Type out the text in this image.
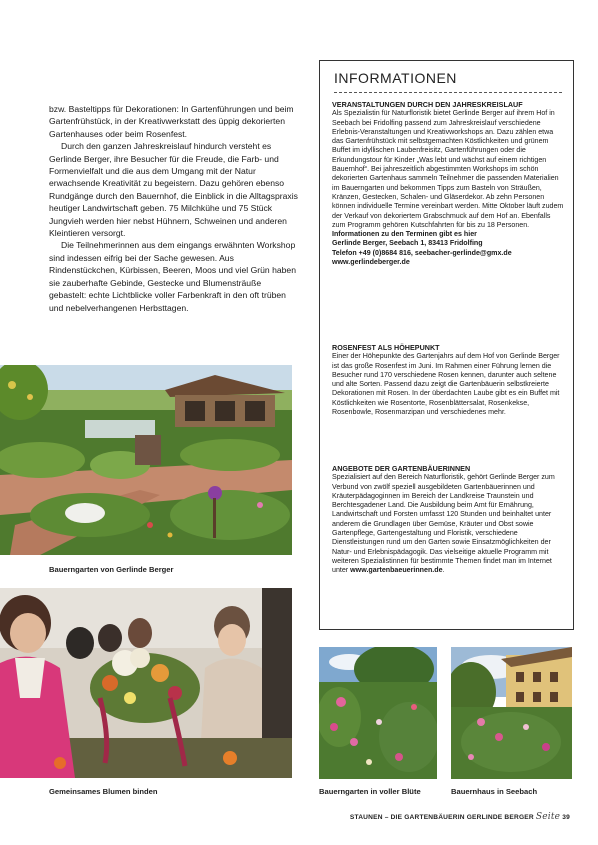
bzw. Basteltipps für Dekorationen: In Gartenführungen und beim Gartenfrühstück, in der Kreativwerkstatt des üppig dekorierten Gartenhauses oder beim Rosenfest.

Durch den ganzen Jahreskreislauf hindurch versteht es Gerlinde Berger, ihre Besucher für die Freude, die Farb- und Formenvielfalt und die aus dem Umgang mit der Natur erwachsende Kreativität zu begeistern. Dazu gehören ebenso Rundgänge durch den Bauernhof, die Einblick in die Alltagspraxis heutiger Landwirtschaft geben. 75 Milchkühe und 75 Stück Jungvieh werden hier nebst Hühnern, Schweinen und anderen Kleintieren versorgt.

Die Teilnehmerinnen aus dem eingangs erwähnten Workshop sind indessen eifrig bei der Sache gewesen. Aus Rindenstückchen, Kürbissen, Beeren, Moos und viel Grün haben sie zauberhafte Gebinde, Gestecke und Blumensträuße gebastelt: echte Lichtblicke voller Farbenkraft in den oft trüben und nebelverhangenen Herbsttagen.

Bauerngarten von Gerlinde Berger
Gemeinsames Blumen binden
INFORMATIONEN

VERANSTALTUNGEN DURCH DEN JAHRESKREISLAUF

Als Spezialistin für Naturfloristik bietet Gerlinde Berger auf ihrem Hof in Seebach bei Fridolfing passend zum Jahreskreislauf verschiedene Erlebnis-Veranstaltungen und Kreativworkshops an. Dazu zählen etwa das Gartenfrühstück mit selbstgemachten Köstlichkeiten und grünem Buffet im idyllischen Laubenfreisitz, Gartenführungen oder die Erkundungstour für Kinder „Was lebt und wächst auf einem richtigen Bauernhof“. Bei jahreszeitlich abgestimmten Workshops im schön dekorierten Gartenhaus sammeln Teilnehmer die passenden Materialien im Bauerngarten und bekommen Tipps zum Basteln von Sträußen, Kränzen, Gestecken, Schalen- und Gläserdekor. Ab zehn Personen können individuelle Termine vereinbart werden. Mitte Oktober läuft zudem der Verkauf von dekoriertem Grabschmuck auf dem Hof an. Ebenfalls zum Programm gehören Kutschfahrten für bis zu 18 Personen.

Informationen zu den Terminen gibt es hier

Gerlinde Berger, Seebach 1, 83413 Fridolfing

Telefon +49 (0)8684 816, seebacher-gerlinde@gmx.de

www.gerlindeberger.de

ROSENFEST ALS HÖHEPUNKT

Einer der Höhepunkte des Gartenjahrs auf dem Hof von Gerlinde Berger ist das große Rosenfest im Juni. Im Rahmen einer Führung lernen die Besucher rund 170 verschiedene Rosen kennen, darunter auch seltene und alte Sorten. Passend dazu zeigt die Gartenbäuerin selbstkreierte Dekorationen mit Rosen. In der überdachten Laube gibt es ein Buffet mit Köstlichkeiten wie Rosentorte, Rosenblättersalat, Rosenkekse, Rosenbowle, Rosenmarzipan und verschiedenes mehr.

ANGEBOTE DER GARTENBÄUERINNEN

Spezialisiert auf den Bereich Naturfloristik, gehört Gerlinde Berger zum Verbund von zwölf speziell ausgebildeten Gartenbäuerinnen und Kräuterpädagoginnen im Bereich der Landkreise Traunstein und Berchtesgadener Land. Die Ausbildung beim Amt für Ernährung, Landwirtschaft und Forsten umfasst 120 Stunden und beinhaltet unter anderem die Grundlagen über Gemüse, Kräuter und Obst sowie Gartenpflege, Gartengestaltung und Floristik, verschiedene Dienstleistungen rund um den Garten sowie Einsatzmöglichkeiten der Natur- und Erlebnispädagogik. Das vielseitige aktuelle Programm mit weiteren Spezialistinnen für bestimmte Themen findet man im Internet unter www.gartenbaeuerinnen.de.

Bauerngarten in voller Blüte	Bauernhaus in Seebach
STAUNEN – DIE GARTENBÄUERIN GERLINDE BERGER Seite 39
